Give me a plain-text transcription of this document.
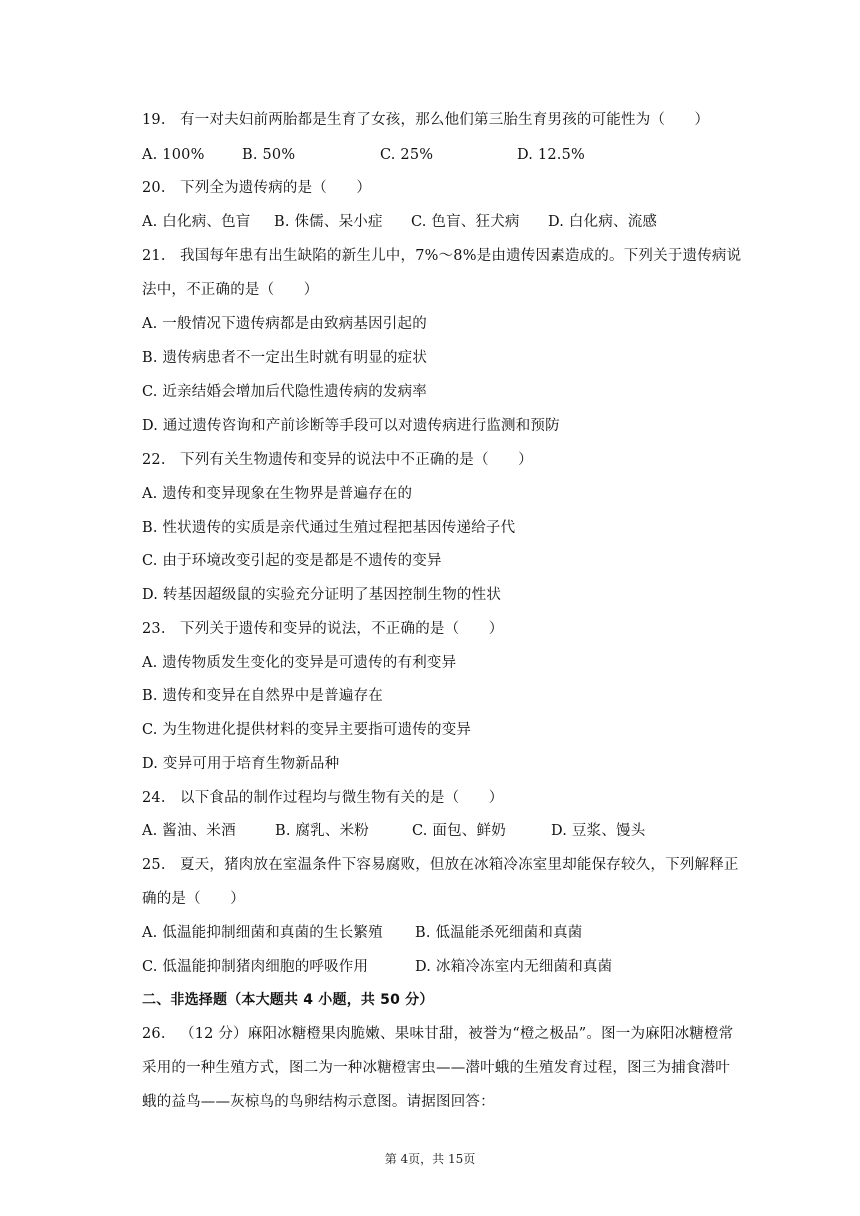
19. 有一对夫妇前两胎都是生育了女孩，那么他们第三胎生育男孩的可能性为（　　）
A. 100%	B. 50%	C. 25%	D. 12.5%
20. 下列全为遗传病的是（　　）
A. 白化病、色盲 B. 侏儒、呆小症 C. 色盲、狂犬病 D. 白化病、流感
21. 我国每年患有出生缺陷的新生儿中，7%～8%是由遗传因素造成的。下列关于遗传病说
法中，不正确的是（　　）
A. 一般情况下遗传病都是由致病基因引起的
B. 遗传病患者不一定出生时就有明显的症状
C. 近亲结婚会增加后代隐性遗传病的发病率
D. 通过遗传咨询和产前诊断等手段可以对遗传病进行监测和预防
22. 下列有关生物遗传和变异的说法中不正确的是（　　）
A. 遗传和变异现象在生物界是普遍存在的
B. 性状遗传的实质是亲代通过生殖过程把基因传递给子代
C. 由于环境改变引起的变是都是不遗传的变异
D. 转基因超级鼠的实验充分证明了基因控制生物的性状
23. 下列关于遗传和变异的说法，不正确的是（　　）
A. 遗传物质发生变化的变异是可遗传的有利变异
B. 遗传和变异在自然界中是普遍存在
C. 为生物进化提供材料的变异主要指可遗传的变异
D. 变异可用于培育生物新品种
24. 以下食品的制作过程均与微生物有关的是（　　）
A. 酱油、米酒	B. 腐乳、米粉	C. 面包、鲜奶	D. 豆浆、馒头
25. 夏天，猪肉放在室温条件下容易腐败，但放在冰箱冷冻室里却能保存较久，下列解释正
确的是（　　）
A. 低温能抑制细菌和真菌的生长繁殖 B. 低温能杀死细菌和真菌
C. 低温能抑制猪肉细胞的呼吸作用	D. 冰箱冷冻室内无细菌和真菌
二、非选择题（本大题共 4 小题，共 50 分）
26. （12 分）麻阳冰糖橙果肉脆嫩、果味甘甜，被誉为“橙之极品”。图一为麻阳冰糖橙常
采用的一种生殖方式，图二为一种冰糖橙害虫——潜叶蛾的生殖发育过程，图三为捕食潜叶
蛾的益鸟——灰椋鸟的鸟卵结构示意图。请据图回答：
第 4页，共 15页
